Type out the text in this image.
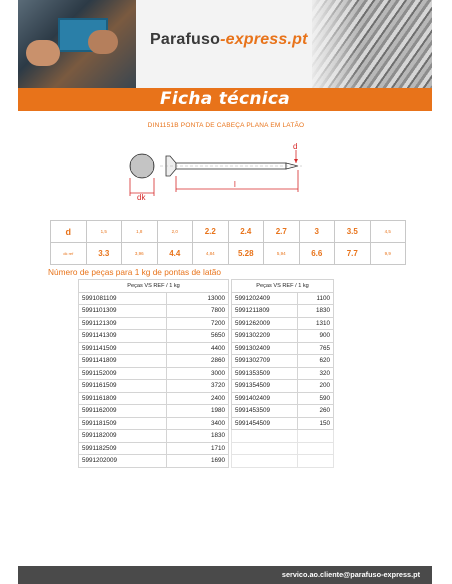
Parafuso-express.pt
Ficha técnica
DIN1151B PONTA DE CABEÇA PLANA EM LATÃO
dk
d
l
d	1,5	1,8	2,0	2.2	2.4	2.7	3	3.5	4,5
dk ref	3.3	3,96	4.4	4,84	5.28	5,94	6.6	7.7	9,9
Número de peças para 1 kg de pontas de latão
Peças VS REF / 1 kg	
5991081109	13000
5991101309	7800
5991121309	7200
5991141309	5650
5991141509	4400
5991141809	2860
5991152009	3000
5991161509	3720
5991161809	2400
5991162009	1980
5991181509	3400
5991182009	1830
5991182509	1710
5991202009	1690
Peças VS REF / 1 kg	
5991202409	1100
5991211809	1830
5991262009	1310
5991302209	900
5991302409	765
5991302709	620
5991353509	320
5991354509	200
5991402409	590
5991453509	260
5991454509	150

servico.ao.cliente@parafuso-express.pt
